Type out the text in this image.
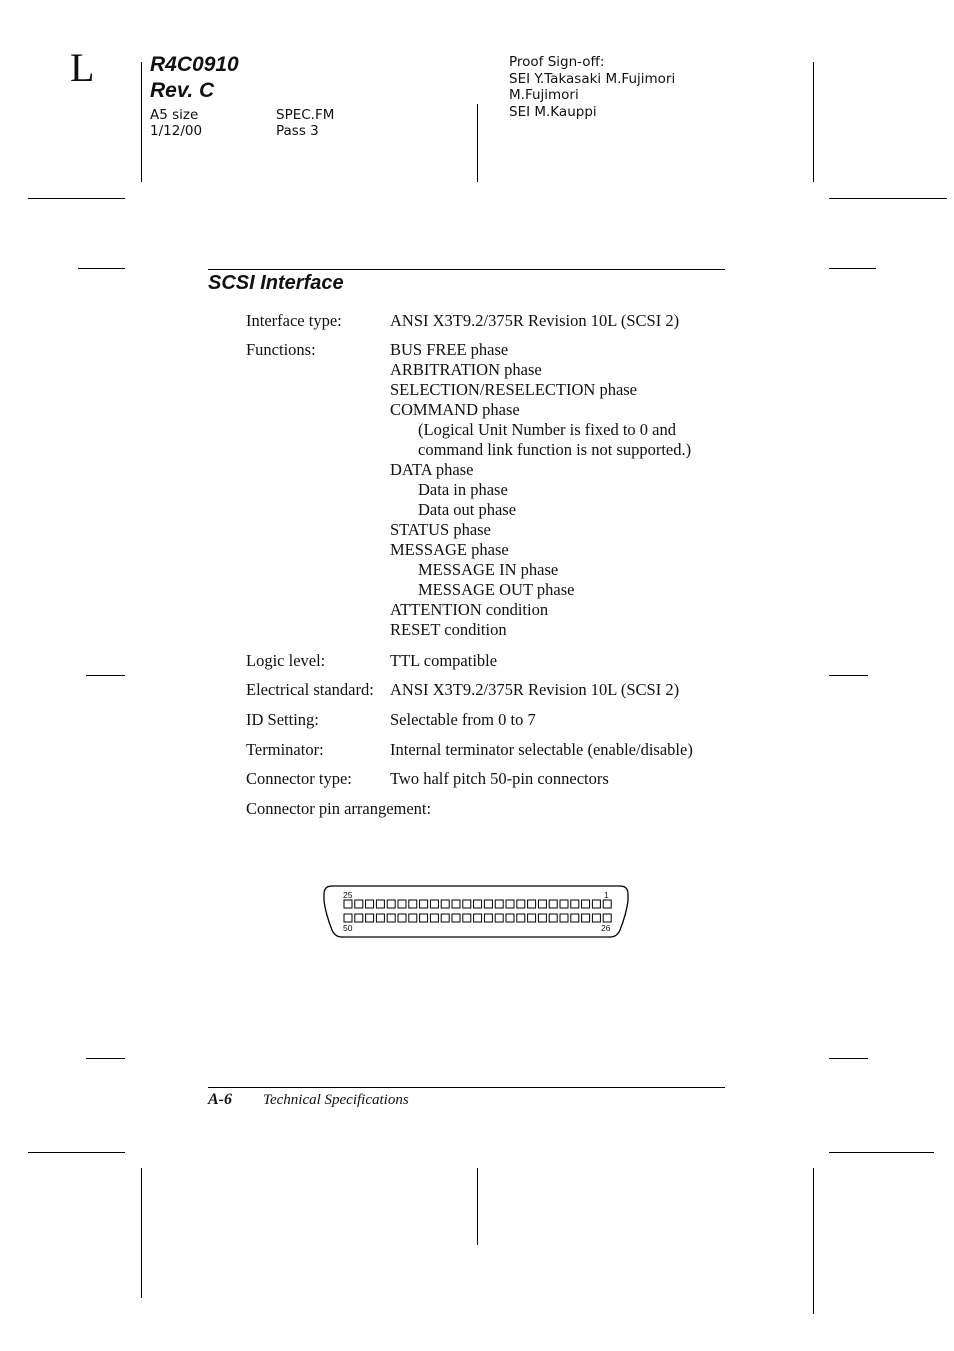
L	R4C0910
Rev. C
A5 size
1/12/00
SPEC.FM
Pass 3
Proof Sign-off:
SEI Y.Takasaki M.Fujimori
M.Fujimori
SEI M.Kauppi
SCSI Interface
Interface type:	ANSI X3T9.2/375R Revision 10L (SCSI 2)
Functions:	BUS FREE phase
ARBITRATION phase
SELECTION/RESELECTION phase
COMMAND phase
(Logical Unit Number is fixed to 0 and
command link function is not supported.)
DATA phase
Data in phase
Data out phase
STATUS phase
MESSAGE phase
MESSAGE IN phase
MESSAGE OUT phase
ATTENTION condition
RESET condition
Logic level:	TTL compatible
Electrical standard: ANSI X3T9.2/375R Revision 10L (SCSI 2)
ID Setting:	Selectable from 0 to 7
Terminator:	Internal terminator selectable (enable/disable)
Connector type: Two half pitch 50-pin connectors
Connector pin arrangement:
25	1
50	26
A-6 Technical Specifications
